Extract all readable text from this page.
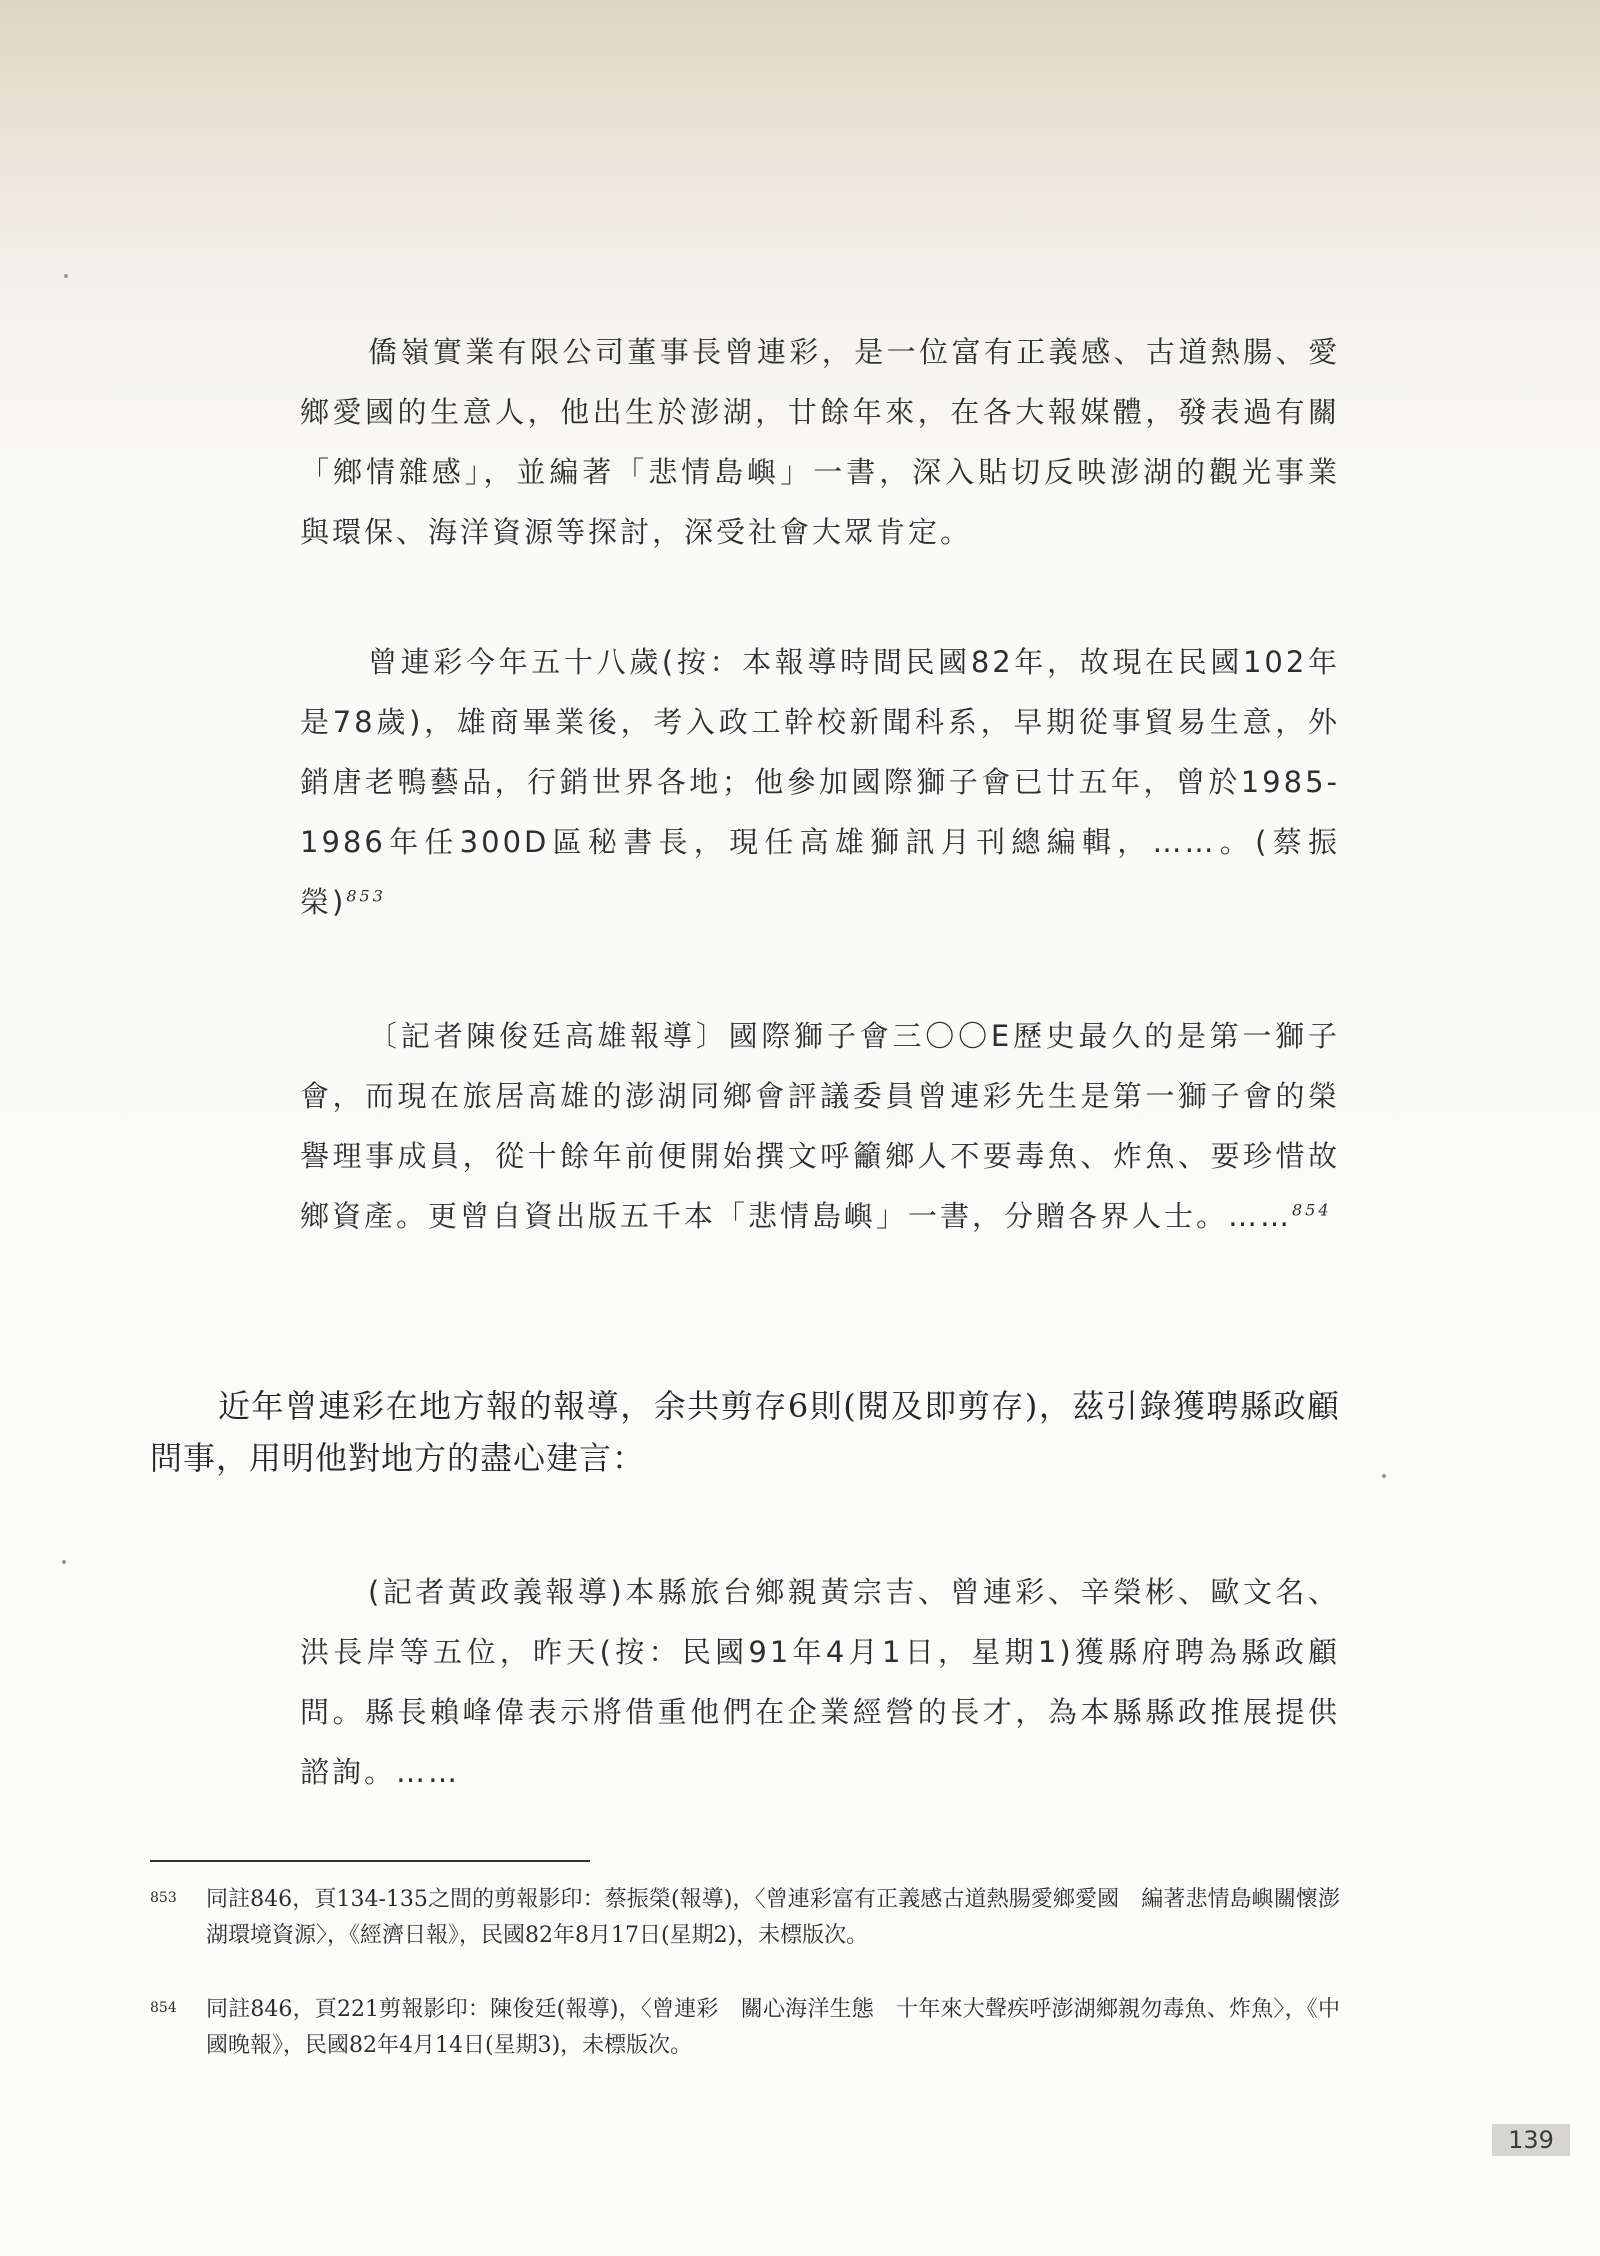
僑嶺實業有限公司董事長曾連彩，是一位富有正義感、古道熱腸、愛鄉愛國的生意人，他出生於澎湖，廿餘年來，在各大報媒體，發表過有關「鄉情雜感」，並編著「悲情島嶼」一書，深入貼切反映澎湖的觀光事業與環保、海洋資源等探討，深受社會大眾肯定。

曾連彩今年五十八歲(按：本報導時間民國82年，故現在民國102年是78歲)，雄商畢業後，考入政工幹校新聞科系，早期從事貿易生意，外銷唐老鴨藝品，行銷世界各地；他參加國際獅子會已廿五年，曾於1985-1986年任300D區秘書長，現任高雄獅訊月刊總編輯，……。(蔡振榮)$^{853}$

〔記者陳俊廷高雄報導〕國際獅子會三〇〇E歷史最久的是第一獅子會，而現在旅居高雄的澎湖同鄉會評議委員曾連彩先生是第一獅子會的榮譽理事成員，從十餘年前便開始撰文呼籲鄉人不要毒魚、炸魚、要珍惜故鄉資產。更曾自資出版五千本「悲情島嶼」一書，分贈各界人士。……$^{854}$

近年曾連彩在地方報的報導，余共剪存6則(閱及即剪存)，茲引錄獲聘縣政顧問事，用明他對地方的盡心建言：

(記者黃政義報導)本縣旅台鄉親黃宗吉、曾連彩、辛榮彬、歐文名、洪長岸等五位，昨天(按：民國91年4月1日，星期1)獲縣府聘為縣政顧問。縣長賴峰偉表示將借重他們在企業經營的長才，為本縣縣政推展提供諮詢。……

853	同註846，頁134-135之間的剪報影印：蔡振榮(報導)，〈曾連彩富有正義感古道熱腸愛鄉愛國　編著悲情島嶼關懷澎湖環境資源〉，《經濟日報》，民國82年8月17日(星期2)，未標版次。
854	同註846，頁221剪報影印：陳俊廷(報導)，〈曾連彩　關心海洋生態　十年來大聲疾呼澎湖鄉親勿毒魚、炸魚〉，《中國晚報》，民國82年4月14日(星期3)，未標版次。
139
